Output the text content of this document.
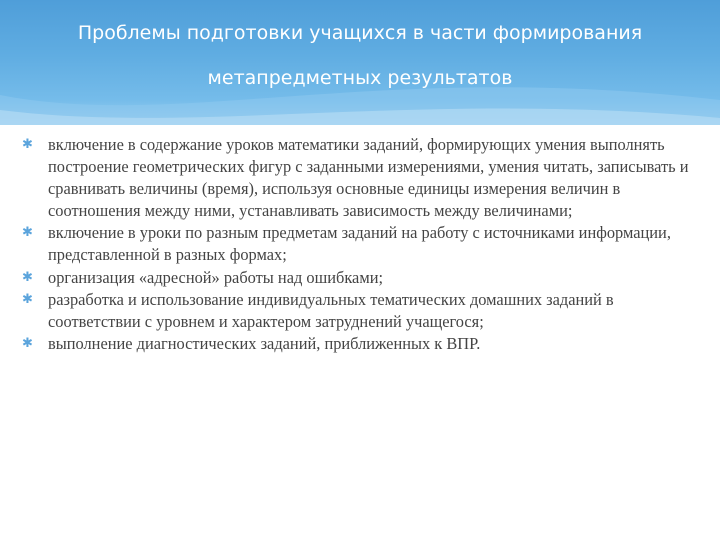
Проблемы подготовки учащихся в части формирования
метапредметных результатов
✱ включение в содержание уроков математики заданий, формирующих умения выполнять построение геометрических фигур с заданными измерениями, умения читать, записывать и сравнивать величины (время), используя основные единицы измерения величин в соотношения между ними, устанавливать зависимость между величинами;
✱ включение в уроки по разным предметам заданий на работу с источниками информации, представленной в разных формах;
✱ организация «адресной» работы над ошибками;
✱ разработка и использование индивидуальных тематических домашних заданий в соответствии с уровнем и характером затруднений учащегося;
✱ выполнение диагностических заданий, приближенных к ВПР.
